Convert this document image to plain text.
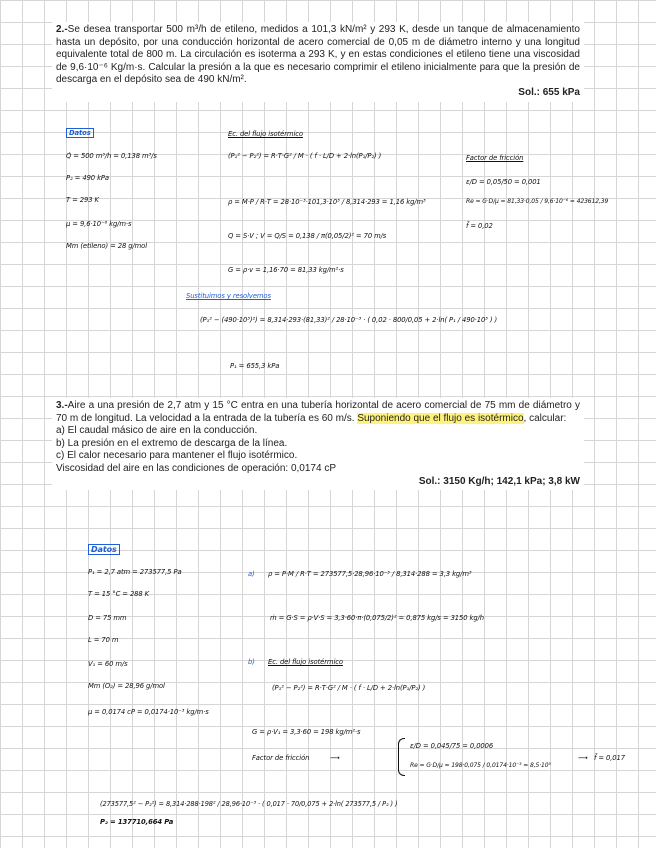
2.-Se desea transportar 500 m³/h de etileno, medidos a 101,3 kN/m² y 293 K, desde un tanque de almacenamiento hasta un depósito, por una conducción horizontal de acero comercial de 0,05 m de diámetro interno y una longitud equivalente total de 800 m. La circulación es isoterma a 293 K, y en estas condiciones el etileno tiene una viscosidad de 9,6·10⁻⁶ Kg/m·s. Calcular la presión a la que es necesario comprimir el etileno inicialmente para que la presión de descarga en el depósito sea de 490 kN/m².

Sol.: 655 kPa

Datos
Q̇ = 500 m³/h = 0,138 m³/s
P₂ = 490 kPa
T = 293 K
μ = 9,6·10⁻⁶ kg/m·s
Mm (etileno) = 28 g/mol
Ec. del flujo isotérmico
(P₁² − P₂²) = R·T·G² / M · ( f · L/D + 2·ln(P₁/P₂) )
ρ = M·P / R·T = 28·10⁻³·101,3·10³ / 8,314·293 = 1,16 kg/m³
Q = S·V ; V = Q/S = 0,138 / π(0,05/2)² = 70 m/s
G = ρ·v = 1,16·70 = 81,33 kg/m²·s
Factor de fricción
ε/D = 0,05/50 = 0,001
Re = G·D/μ = 81,33·0,05 / 9,6·10⁻⁶ = 423612,39
f̄ = 0,02
Sustituimos y resolvemos
(P₁² − (490·10³)²) = 8,314·293·(81,33)² / 28·10⁻³ · ( 0,02 · 800/0,05 + 2·ln( P₁ / 490·10³ ) )
P₁ = 655,3 kPa

3.-Aire a una presión de 2,7 atm y 15 °C entra en una tubería horizontal de acero comercial de 75 mm de diámetro y 70 m de longitud. La velocidad a la entrada de la tubería es 60 m/s. Suponiendo que el flujo es isotérmico, calcular:

a) El caudal másico de aire en la conducción.

b) La presión en el extremo de descarga de la línea.

c) El calor necesario para mantener el flujo isotérmico.

Viscosidad del aire en las condiciones de operación: 0,0174 cP

Sol.: 3150 Kg/h; 142,1 kPa; 3,8 kW

Datos
P₁ = 2,7 atm = 273577,5 Pa
T = 15 °C = 288 K
D = 75 mm
L = 70 m
V₁ = 60 m/s
Mm (O₂) = 28,96 g/mol
μ = 0,0174 cP = 0,0174·10⁻³ kg/m·s
a) ρ = P·M / R·T = 273577,5·28,96·10⁻³ / 8,314·288 = 3,3 kg/m³
ṁ = G·S = ρ·V·S = 3,3·60·π·(0,075/2)² = 0,875 kg/s = 3150 kg/h
b) Ec. del flujo isotérmico
(P₁² − P₂²) = R·T·G² / M · ( f · L/D + 2·ln(P₁/P₂) )
G = ρ·V₁ = 3,3·60 = 198 kg/m²·s
Factor de fricción	⟶
ε/D = 0,045/75 = 0,0006
Re = G·D/μ = 198·0,075 / 0,0174·10⁻³ = 8,5·10⁵
⟶ f̄ = 0,017
(273577,5² − P₂²) = 8,314·288·198² / 28,96·10⁻³ · ( 0,017 · 70/0,075 + 2·ln( 273577,5 / P₂ ) )
P₂ = 137710,664 Pa
